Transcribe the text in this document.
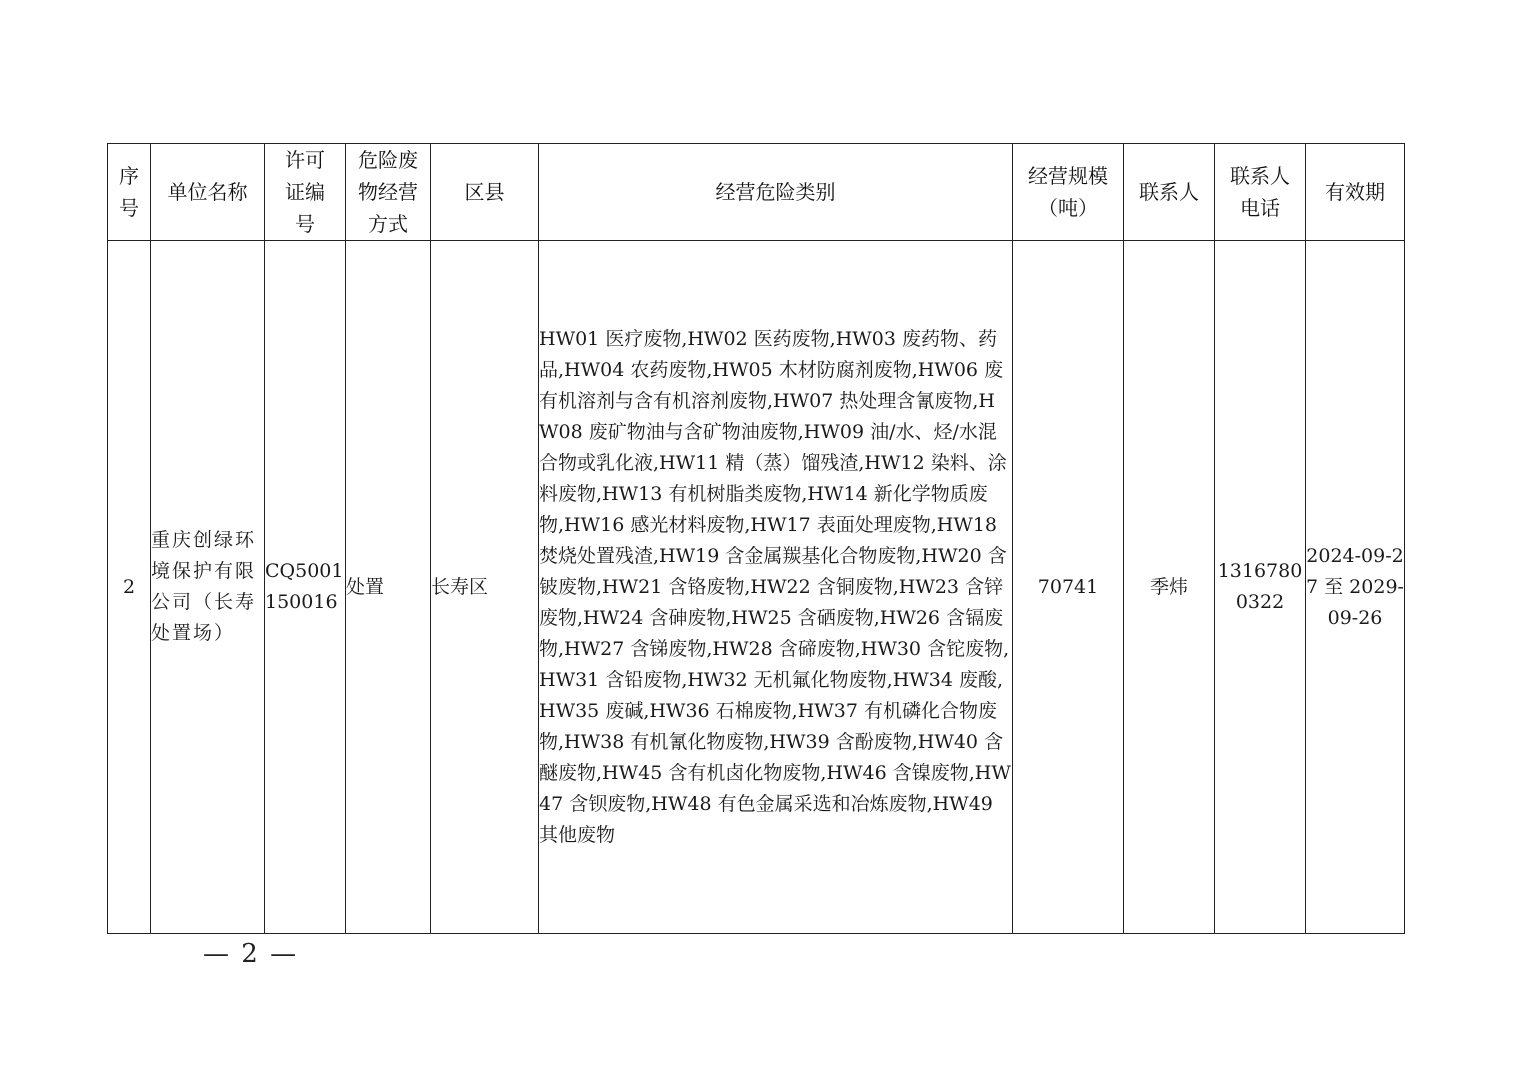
序号	单位名称	许可证编号	危险废物经营方式	区县	经营危险类别	经营规模（吨）	联系人	联系人电话	有效期
2	重庆创绿环境保护有限公司（长寿处置场）	CQ5001150016	处置	长寿区	HW01 医疗废物,HW02 医药废物,HW03 废药物、药品,HW04 农药废物,HW05 木材防腐剂废物,HW06 废有机溶剂与含有机溶剂废物,HW07 热处理含氰废物,HW08 废矿物油与含矿物油废物,HW09 油/水、烃/水混合物或乳化液,HW11 精（蒸）馏残渣,HW12 染料、涂料废物,HW13 有机树脂类废物,HW14 新化学物质废物,HW16 感光材料废物,HW17 表面处理废物,HW18 焚烧处置残渣,HW19 含金属羰基化合物废物,HW20 含铍废物,HW21 含铬废物,HW22 含铜废物,HW23 含锌废物,HW24 含砷废物,HW25 含硒废物,HW26 含镉废物,HW27 含锑废物,HW28 含碲废物,HW30 含铊废物,HW31 含铅废物,HW32 无机氟化物废物,HW34 废酸,HW35 废碱,HW36 石棉废物,HW37 有机磷化合物废物,HW38 有机氰化物废物,HW39 含酚废物,HW40 含醚废物,HW45 含有机卤化物废物,HW46 含镍废物,HW47 含钡废物,HW48 有色金属采选和冶炼废物,HW49 其他废物	70741	季炜	13167800322	2024-09-27 至 2029-09-26
— 2 —
